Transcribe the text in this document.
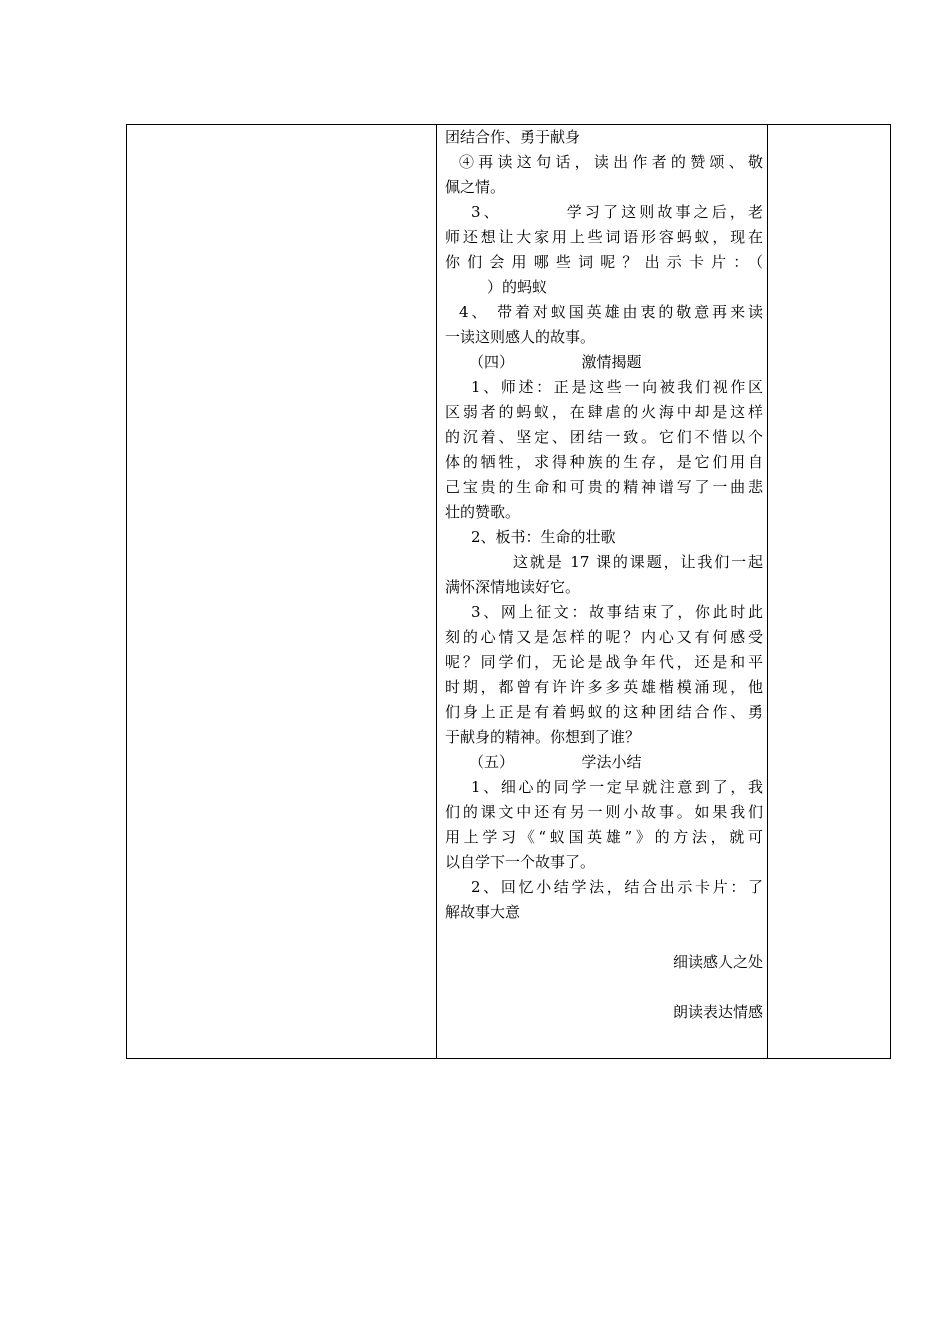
团结合作、勇于献身
④再读这句话，读出作者的赞颂、敬
佩之情。
3、　　　　学习了这则故事之后，老
师还想让大家用上些词语形容蚂蚁，现在
你们会用哪些词呢？出示卡片：（
）的蚂蚁
4、 带着对蚁国英雄由衷的敬意再来读
一读这则感人的故事。
（四）　　　　　激情揭题
1、师述：正是这些一向被我们视作区
区弱者的蚂蚁，在肆虐的火海中却是这样
的沉着、坚定、团结一致。它们不惜以个
体的牺牲，求得种族的生存，是它们用自
己宝贵的生命和可贵的精神谱写了一曲悲
壮的赞歌。
2、板书：生命的壮歌
这就是 17 课的课题，让我们一起
满怀深情地读好它。
3、网上征文：故事结束了，你此时此
刻的心情又是怎样的呢？内心又有何感受
呢？同学们，无论是战争年代，还是和平
时期，都曾有许许多多英雄楷模涌现，他
们身上正是有着蚂蚁的这种团结合作、勇
于献身的精神。你想到了谁？
（五）　　　　　学法小结
1、细心的同学一定早就注意到了，我
们的课文中还有另一则小故事。如果我们
用上学习《“蚁国英雄”》的方法，就可
以自学下一个故事了。
2、回忆小结学法，结合出示卡片：了
解故事大意
细读感人之处
朗读表达情感
